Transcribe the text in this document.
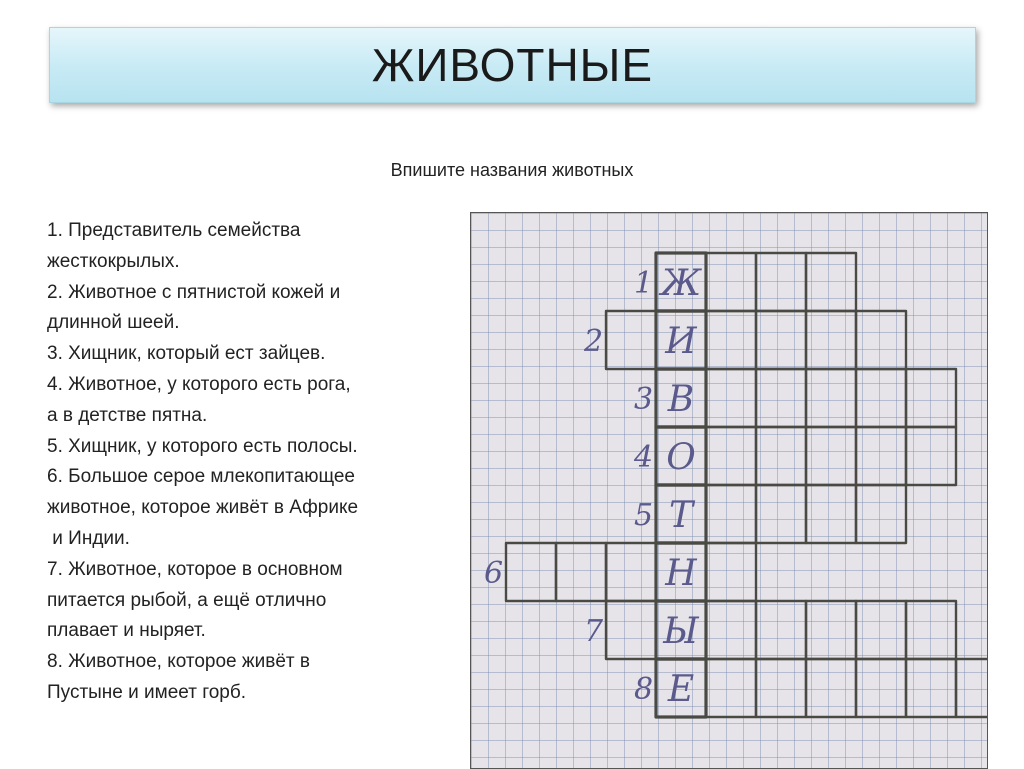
ЖИВОТНЫЕ
Впишите названия животных
1. Представитель семейства
жесткокрылых.
2. Животное с пятнистой кожей и
длинной шеей.
3. Хищник, который ест зайцев.
4. Животное, у которого есть рога,
а в детстве пятна.
5. Хищник, у которого есть полосы.
6. Большое серое млекопитающее
животное, которое живёт в Африке
и Индии.
7. Животное, которое в основном
питается рыбой, а ещё отлично
плавает и ныряет.
8. Животное, которое живёт в
Пустыне и имеет горб.
1 Ж
2 И
3 В
4 О
5 Т
6	Н
7 Ы
8 Е
